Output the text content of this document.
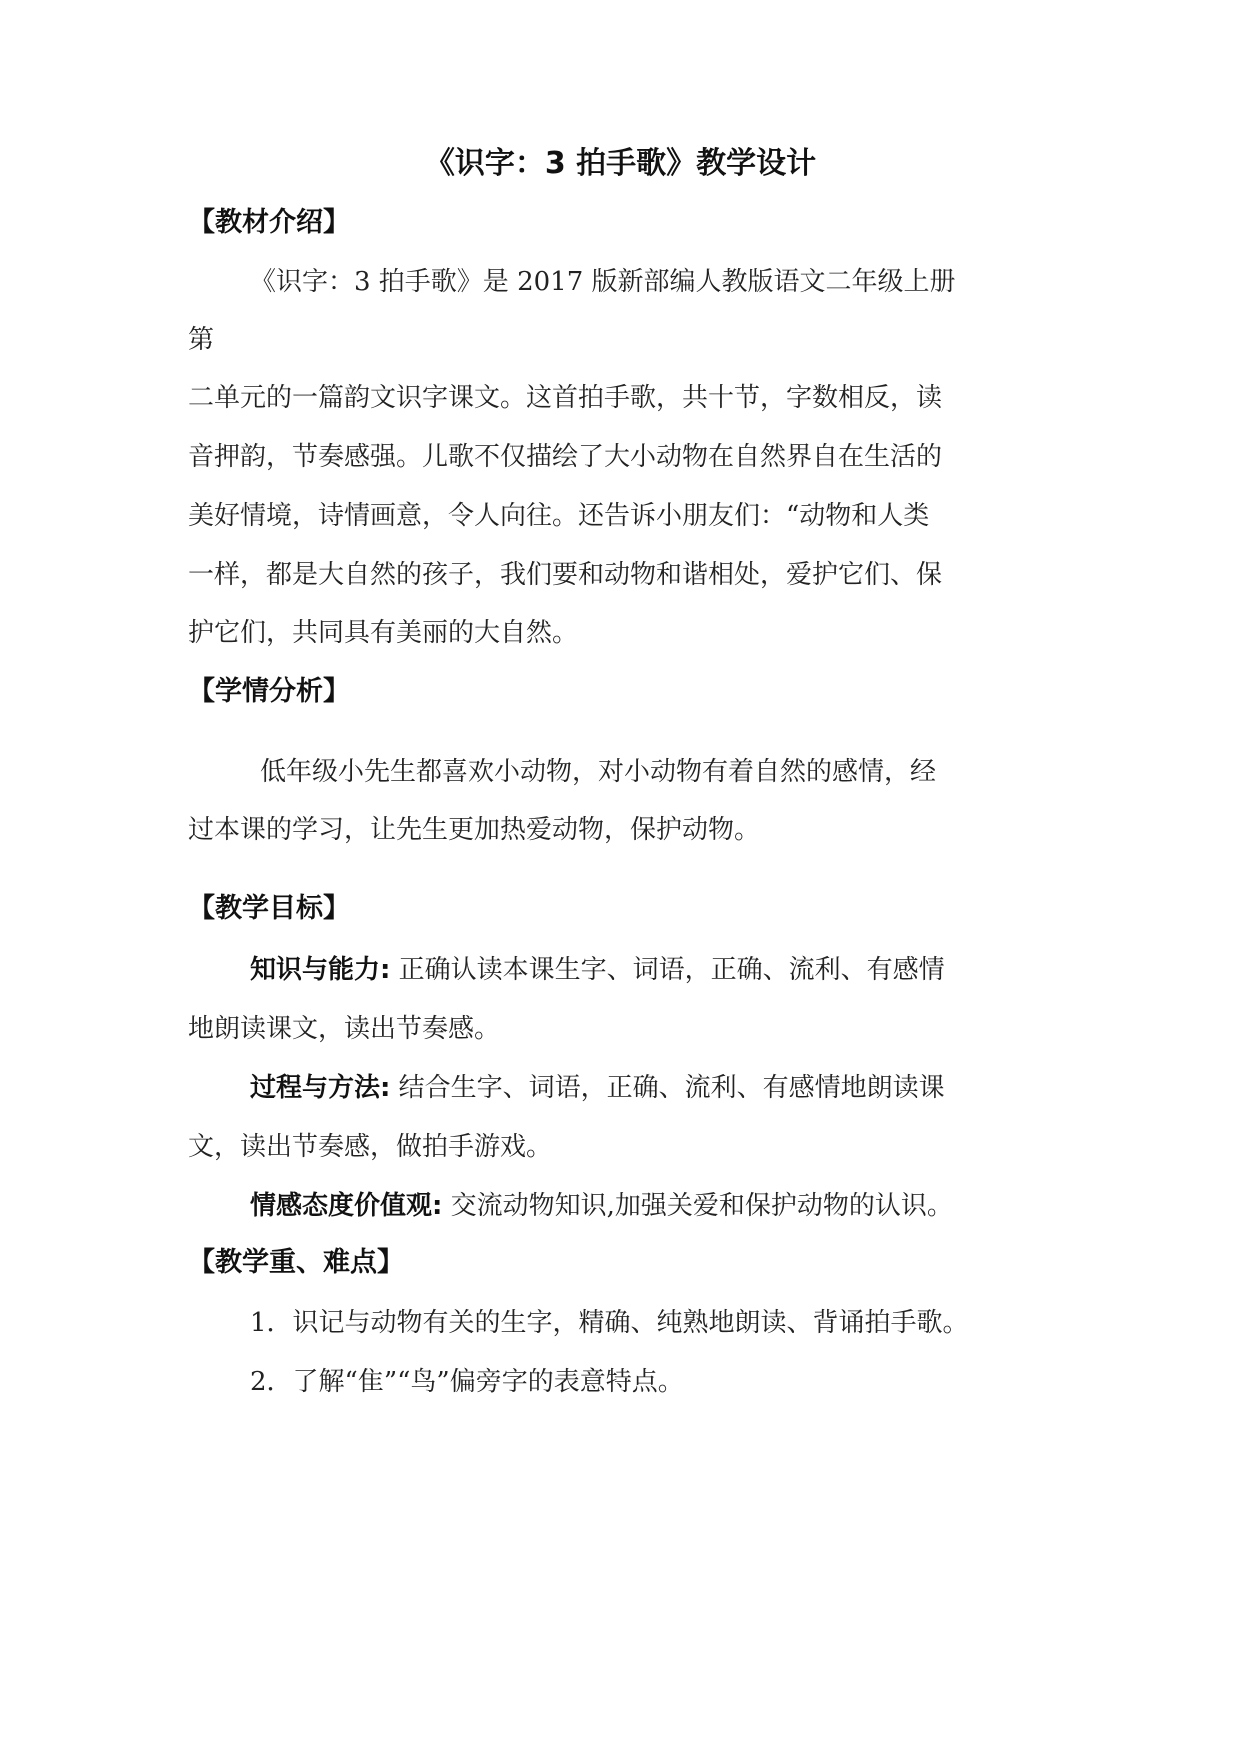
《识字：3 拍手歌》教学设计
【教材介绍】
《识字：3 拍手歌》是 2017 版新部编人教版语文二年级上册
第
二单元的一篇韵文识字课文。这首拍手歌，共十节，字数相反，读
音押韵，节奏感强。儿歌不仅描绘了大小动物在自然界自在生活的
美好情境，诗情画意，令人向往。还告诉小朋友们：“动物和人类
一样，都是大自然的孩子，我们要和动物和谐相处，爱护它们、保
护它们，共同具有美丽的大自然。
【学情分析】
低年级小先生都喜欢小动物，对小动物有着自然的感情，经
过本课的学习，让先生更加热爱动物，保护动物。
【教学目标】
知识与能力: 正确认读本课生字、词语，正确、流利、有感情
地朗读课文，读出节奏感。
过程与方法: 结合生字、词语，正确、流利、有感情地朗读课
文，读出节奏感，做拍手游戏。
情感态度价值观: 交流动物知识,加强关爱和保护动物的认识。
【教学重、难点】
1．识记与动物有关的生字，精确、纯熟地朗读、背诵拍手歌。
2．了解“隹”“鸟”偏旁字的表意特点。
